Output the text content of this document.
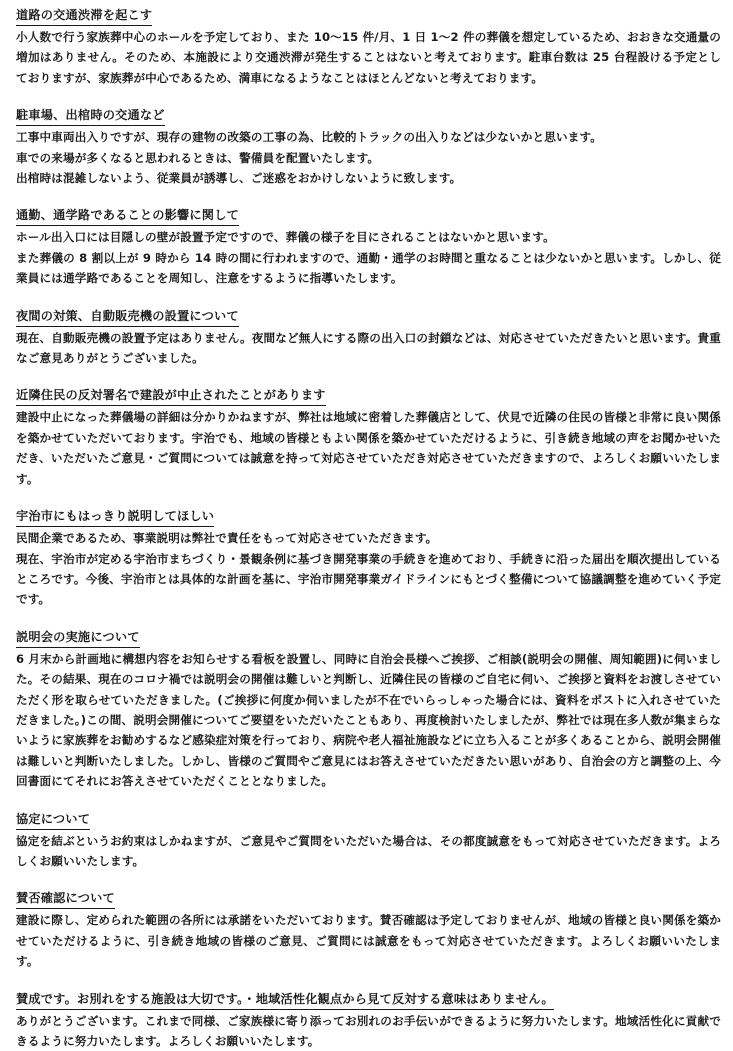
道路の交通渋滞を起こす

小人数で行う家族葬中心のホールを予定しており、また 10～15 件/月、1 日 1～2 件の葬儀を想定しているため、おおきな交通量の増加はありません。そのため、本施設により交通渋滞が発生することはないと考えております。駐車台数は 25 台程設ける予定としておりますが、家族葬が中心であるため、満車になるようなことはほとんどないと考えております。

駐車場、出棺時の交通など

工事中車両出入りですが、現存の建物の改築の工事の為、比較的トラックの出入りなどは少ないかと思います。

車での来場が多くなると思われるときは、警備員を配置いたします。

出棺時は混雑しないよう、従業員が誘導し、ご迷惑をおかけしないように致します。

通勤、通学路であることの影響に関して

ホール出入口には目隠しの壁が設置予定ですので、葬儀の様子を目にされることはないかと思います。

また葬儀の 8 割以上が 9 時から 14 時の間に行われますので、通勤・通学のお時間と重なることは少ないかと思います。しかし、従業員には通学路であることを周知し、注意をするように指導いたします。

夜間の対策、自動販売機の設置について

現在、自動販売機の設置予定はありません。夜間など無人にする際の出入口の封鎖などは、対応させていただきたいと思います。貴重なご意見ありがとうございました。

近隣住民の反対署名で建設が中止されたことがあります

建設中止になった葬儀場の詳細は分かりかねますが、弊社は地域に密着した葬儀店として、伏見で近隣の住民の皆様と非常に良い関係を築かせていただいております。宇治でも、地域の皆様ともよい関係を築かせていただけるように、引き続き地域の声をお聞かせいただき、いただいたご意見・ご質問については誠意を持って対応させていただき対応させていただきますので、よろしくお願いいたします。

宇治市にもはっきり説明してほしい

民間企業であるため、事業説明は弊社で責任をもって対応させていただきます。

現在、宇治市が定める宇治市まちづくり・景観条例に基づき開発事業の手続きを進めており、手続きに沿った届出を順次提出しているところです。今後、宇治市とは具体的な計画を基に、宇治市開発事業ガイドラインにもとづく整備について協議調整を進めていく予定です。

説明会の実施について

6 月末から計画地に構想内容をお知らせする看板を設置し、同時に自治会長様へご挨拶、ご相談(説明会の開催、周知範囲)に伺いました。その結果、現在のコロナ禍では説明会の開催は難しいと判断し、近隣住民の皆様のご自宅に伺い、ご挨拶と資料をお渡しさせていただく形を取らせていただきました。(ご挨拶に何度か伺いましたが不在でいらっしゃった場合には、資料をポストに入れさせていただきました。)この間、説明会開催についてご要望をいただいたこともあり、再度検討いたしましたが、弊社では現在多人数が集まらないように家族葬をお勧めするなど感染症対策を行っており、病院や老人福祉施設などに立ち入ることが多くあることから、説明会開催は難しいと判断いたしました。しかし、皆様のご質問やご意見にはお答えさせていただきたい思いがあり、自治会の方と調整の上、今回書面にてそれにお答えさせていただくこととなりました。

協定について

協定を結ぶというお約束はしかねますが、ご意見やご質問をいただいた場合は、その都度誠意をもって対応させていただきます。よろしくお願いいたします。

賛否確認について

建設に際し、定められた範囲の各所には承諾をいただいております。賛否確認は予定しておりませんが、地域の皆様と良い関係を築かせていただけるように、引き続き地域の皆様のご意見、ご質問には誠意をもって対応させていただきます。よろしくお願いいたします。

賛成です。お別れをする施設は大切です。・地域活性化観点から見て反対する意味はありません。

ありがとうございます。これまで同様、ご家族様に寄り添ってお別れのお手伝いができるように努力いたします。地域活性化に貢献できるように努力いたします。よろしくお願いいたします。
